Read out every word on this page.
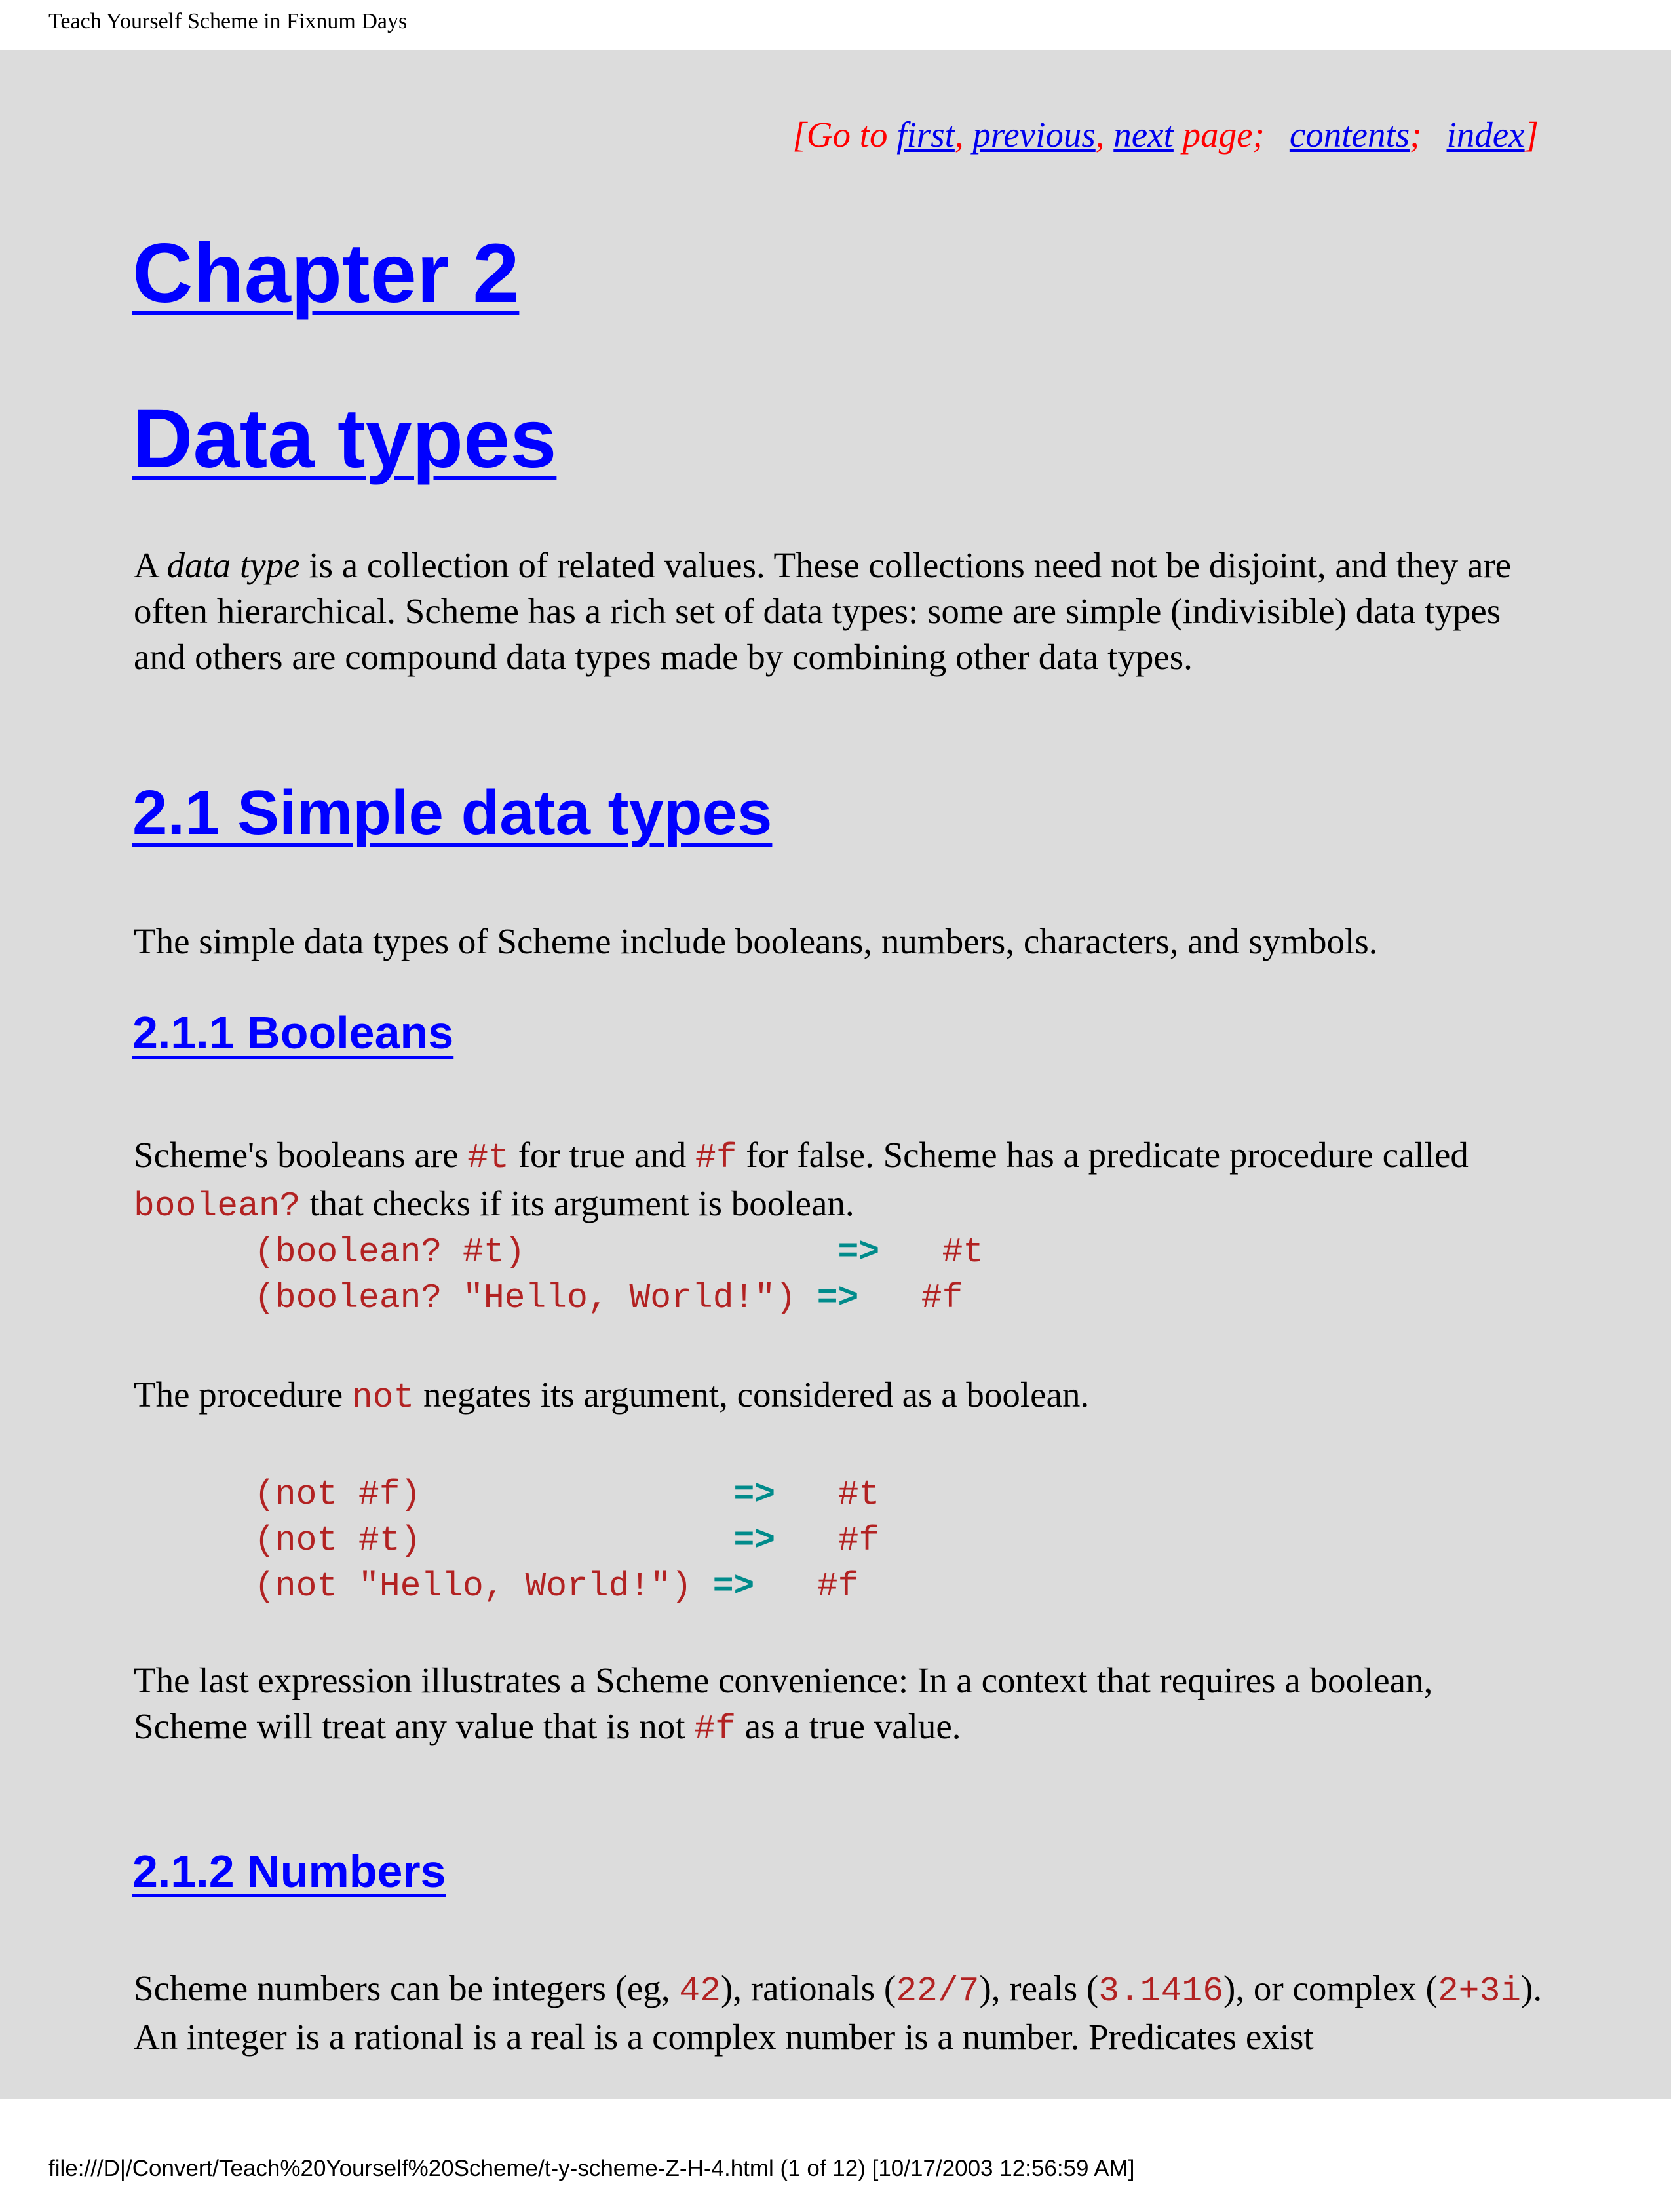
Teach Yourself Scheme in Fixnum Days
[Go to first, previous, next page; contents; index]
Chapter 2
Data types

A data type is a collection of related values. These collections need not be disjoint, and they are often hierarchical. Scheme has a rich set of data types: some are simple (indivisible) data types and others are compound data types made by combining other data types.

2.1 Simple data types

The simple data types of Scheme include booleans, numbers, characters, and symbols.

2.1.1 Booleans

Scheme's booleans are #t for true and #f for false. Scheme has a predicate procedure called boolean? that checks if its argument is boolean.

(boolean? #t)               => #t
(boolean? "Hello, World!") => #f

The procedure not negates its argument, considered as a boolean.

(not #f)               => #t
(not #t)               => #f
(not "Hello, World!") => #f

The last expression illustrates a Scheme convenience: In a context that requires a boolean, Scheme will treat any value that is not #f as a true value.

2.1.2 Numbers

Scheme numbers can be integers (eg, 42), rationals (22/7), reals (3.1416), or complex (2+3i). An integer is a rational is a real is a complex number is a number. Predicates exist

file:///D|/Convert/Teach%20Yourself%20Scheme/t-y-scheme-Z-H-4.html (1 of 12) [10/17/2003 12:56:59 AM]
